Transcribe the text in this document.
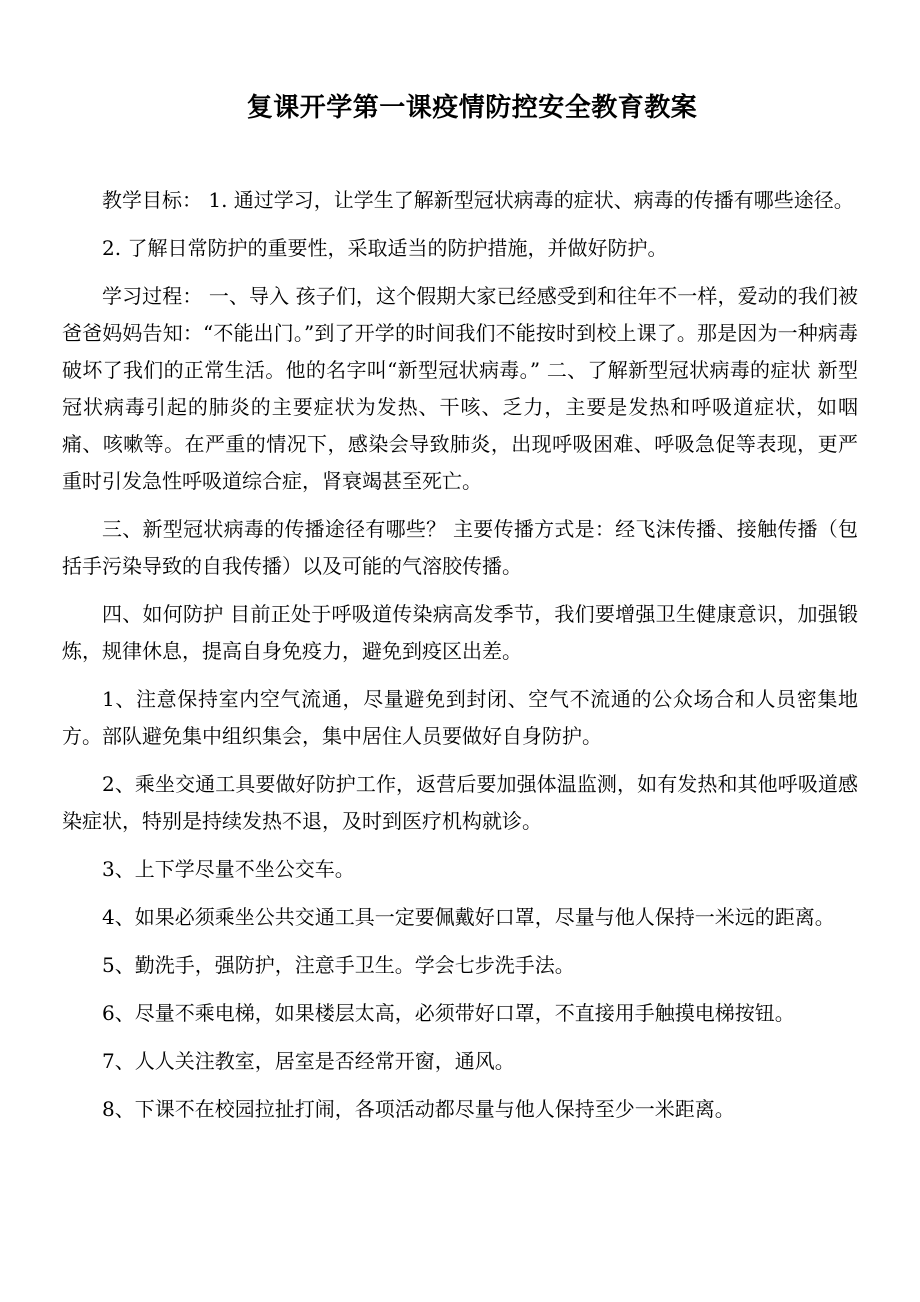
复课开学第一课疫情防控安全教育教案

教学目标： 1. 通过学习，让学生了解新型冠状病毒的症状、病毒的传播有哪些途径。

2. 了解日常防护的重要性，采取适当的防护措施，并做好防护。

学习过程： 一、导入 孩子们，这个假期大家已经感受到和往年不一样，爱动的我们被爸爸妈妈告知：“不能出门。”到了开学的时间我们不能按时到校上课了。那是因为一种病毒破坏了我们的正常生活。他的名字叫“新型冠状病毒。” 二、了解新型冠状病毒的症状 新型冠状病毒引起的肺炎的主要症状为发热、干咳、乏力，主要是发热和呼吸道症状，如咽痛、咳嗽等。在严重的情况下，感染会导致肺炎，出现呼吸困难、呼吸急促等表现，更严重时引发急性呼吸道综合症，肾衰竭甚至死亡。

三、新型冠状病毒的传播途径有哪些？ 主要传播方式是：经飞沫传播、接触传播（包括手污染导致的自我传播）以及可能的气溶胶传播。

四、如何防护 目前正处于呼吸道传染病高发季节，我们要增强卫生健康意识，加强锻炼，规律休息，提高自身免疫力，避免到疫区出差。

1、注意保持室内空气流通，尽量避免到封闭、空气不流通的公众场合和人员密集地方。部队避免集中组织集会，集中居住人员要做好自身防护。

2、乘坐交通工具要做好防护工作，返营后要加强体温监测，如有发热和其他呼吸道感染症状，特别是持续发热不退，及时到医疗机构就诊。

3、上下学尽量不坐公交车。

4、如果必须乘坐公共交通工具一定要佩戴好口罩，尽量与他人保持一米远的距离。

5、勤洗手，强防护，注意手卫生。学会七步洗手法。

6、尽量不乘电梯，如果楼层太高，必须带好口罩，不直接用手触摸电梯按钮。

7、人人关注教室，居室是否经常开窗，通风。

8、下课不在校园拉扯打闹，各项活动都尽量与他人保持至少一米距离。
